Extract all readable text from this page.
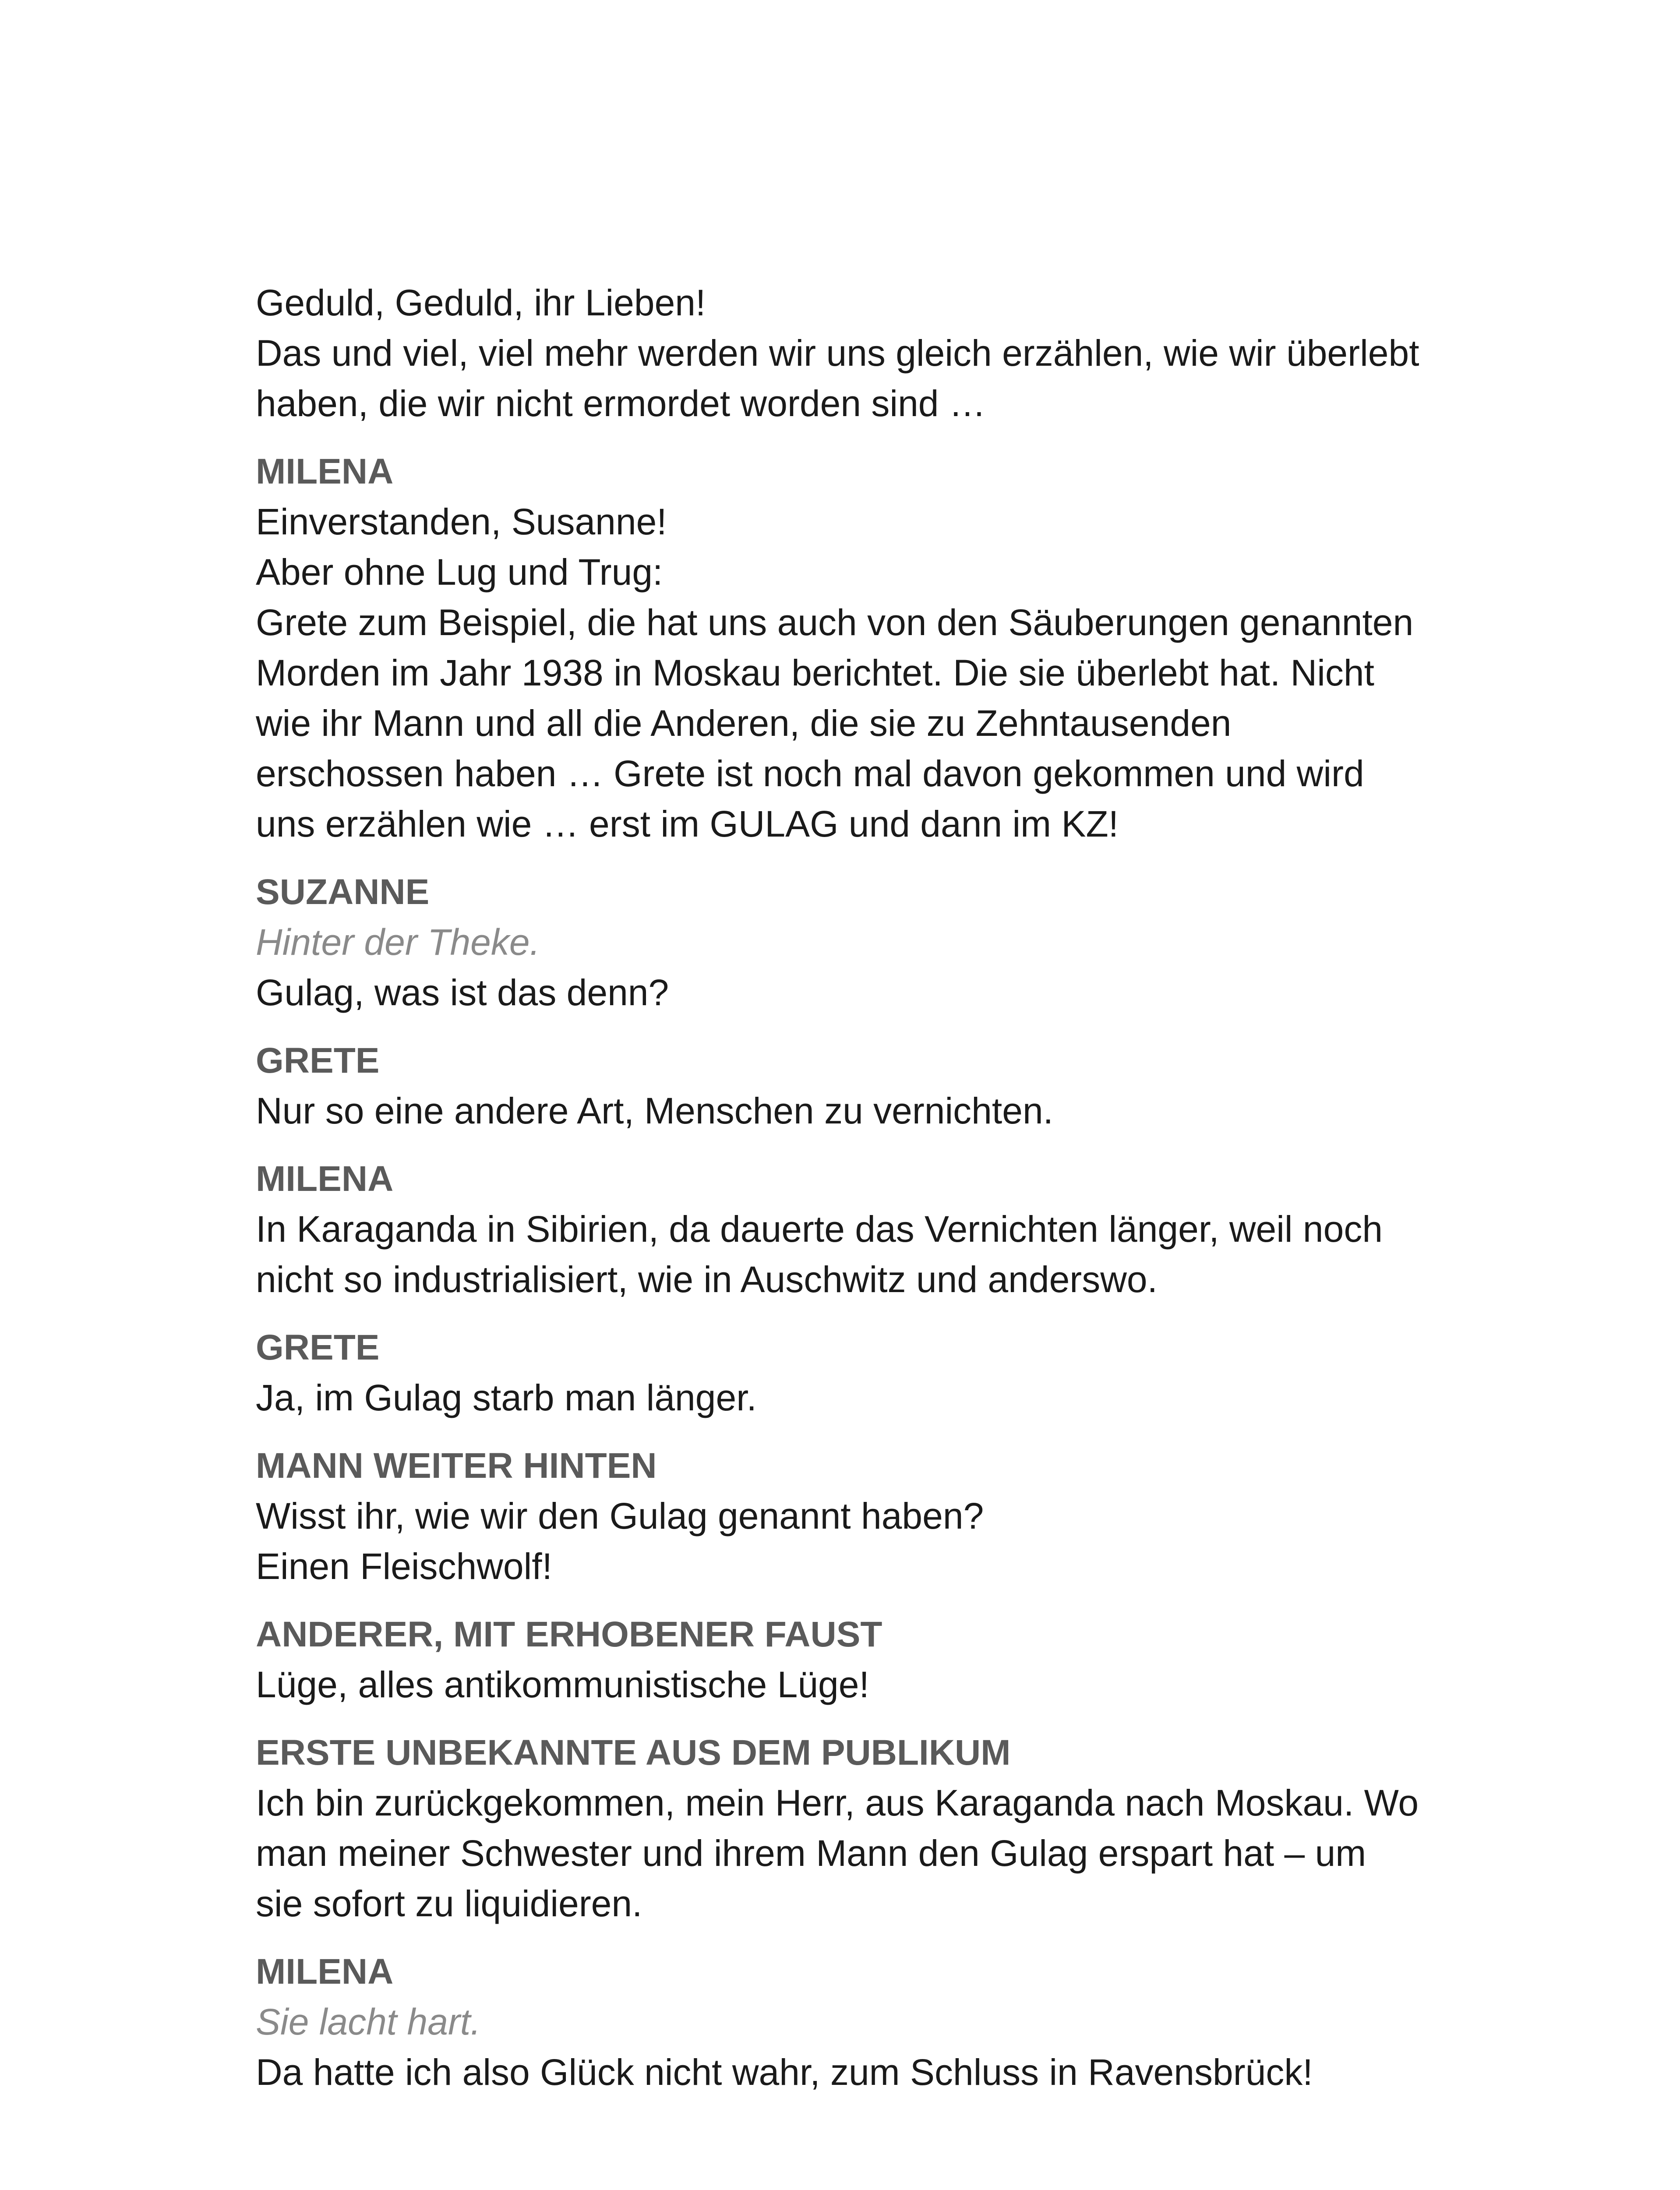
Geduld, Geduld, ihr Lieben!
Das und viel, viel mehr werden wir uns gleich erzählen, wie wir überlebt
haben, die wir nicht ermordet worden sind …
MILENA
Einverstanden, Susanne!
Aber ohne Lug und Trug:
Grete zum Beispiel, die hat uns auch von den Säuberungen genannten
Morden im Jahr 1938 in Moskau berichtet. Die sie überlebt hat. Nicht
wie ihr Mann und all die Anderen, die sie zu Zehntausenden
erschossen haben … Grete ist noch mal davon gekommen und wird
uns erzählen wie … erst im GULAG und dann im KZ!
SUZANNE
Hinter der Theke.
Gulag, was ist das denn?
GRETE
Nur so eine andere Art, Menschen zu vernichten.
MILENA
In Karaganda in Sibirien, da dauerte das Vernichten länger, weil noch
nicht so industrialisiert, wie in Auschwitz und anderswo.
GRETE
Ja, im Gulag starb man länger.
MANN WEITER HINTEN
Wisst ihr, wie wir den Gulag genannt haben?
Einen Fleischwolf!
ANDERER, MIT ERHOBENER FAUST
Lüge, alles antikommunistische Lüge!
ERSTE UNBEKANNTE AUS DEM PUBLIKUM
Ich bin zurückgekommen, mein Herr, aus Karaganda nach Moskau. Wo
man meiner Schwester und ihrem Mann den Gulag erspart hat – um
sie sofort zu liquidieren.
MILENA
Sie lacht hart.
Da hatte ich also Glück nicht wahr, zum Schluss in Ravensbrück!
